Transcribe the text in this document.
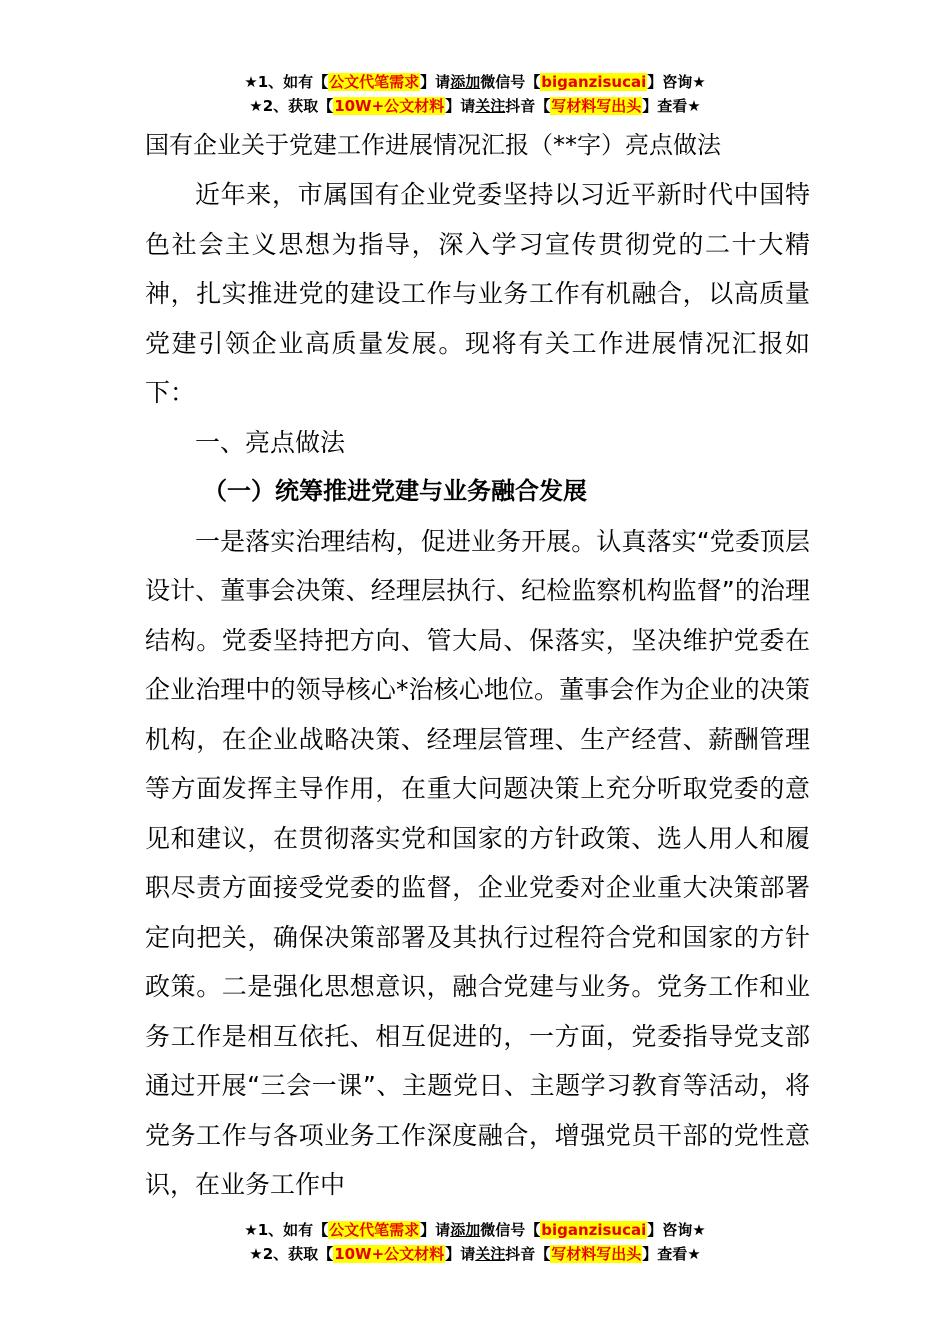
★1、如有【公文代笔需求】请添加微信号【biganzisucai】咨询★
★2、获取【10W+公文材料】请关注抖音【写材料写出头】查看★

国有企业关于党建工作进展情况汇报（**字）亮点做法

近年来，市属国有企业党委坚持以习近平新时代中国特色社会主义思想为指导，深入学习宣传贯彻党的二十大精神，扎实推进党的建设工作与业务工作有机融合，以高质量党建引领企业高质量发展。现将有关工作进展情况汇报如下：

一、亮点做法

（一）统筹推进党建与业务融合发展

一是落实治理结构，促进业务开展。认真落实“党委顶层设计、董事会决策、经理层执行、纪检监察机构监督”的治理结构。党委坚持把方向、管大局、保落实，坚决维护党委在企业治理中的领导核心*治核心地位。董事会作为企业的决策机构，在企业战略决策、经理层管理、生产经营、薪酬管理等方面发挥主导作用，在重大问题决策上充分听取党委的意见和建议，在贯彻落实党和国家的方针政策、选人用人和履职尽责方面接受党委的监督，企业党委对企业重大决策部署定向把关，确保决策部署及其执行过程符合党和国家的方针政策。二是强化思想意识，融合党建与业务。党务工作和业务工作是相互依托、相互促进的，一方面，党委指导党支部通过开展“三会一课”、主题党日、主题学习教育等活动，将党务工作与各项业务工作深度融合，增强党员干部的党性意识，在业务工作中

★1、如有【公文代笔需求】请添加微信号【biganzisucai】咨询★
★2、获取【10W+公文材料】请关注抖音【写材料写出头】查看★
